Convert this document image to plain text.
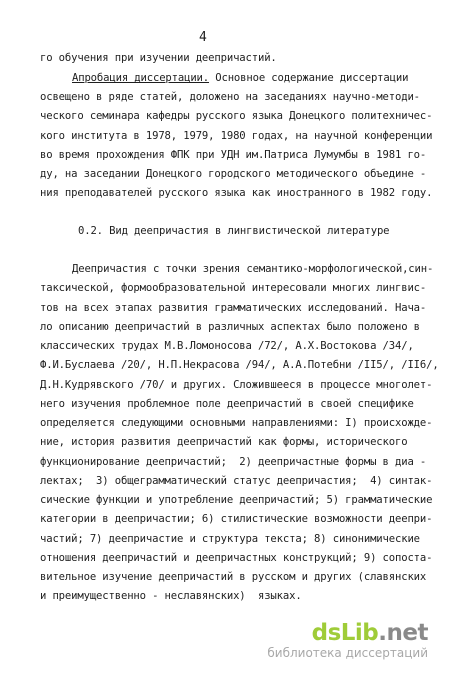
4
го обучения при изучении деепричастий.
Апробация диссертации. Основное содержание диссертации
освещено в ряде статей, доложено на заседаниях научно-методи-
ческого семинара кафедры русского языка Донецкого политехничес-
кого института в 1978, 1979, 1980 годах, на научной конференции
во время прохождения ФПК при УДН им.Патриса Лумумбы в 1981 го-
ду, на заседании Донецкого городского методического объедине -
ния преподавателей русского языка как иностранного в 1982 году.
0.2. Вид деепричастия в лингвистической литературе
Деепричастия с точки зрения семантико-морфологической,син-
таксической, формообразовательной интересовали многих лингвис-
тов на всех этапах развития грамматических исследований. Нача-
ло описанию деепричастий в различных аспектах было положено в
классических трудах М.В.Ломоносова /72/, А.Х.Востокова /34/,
Ф.И.Буслаева /20/, Н.П.Некрасова /94/, А.А.Потебни /II5/, /II6/,
Д.Н.Кудрявского /70/ и других. Сложившееся в процессе многолет-
него изучения проблемное поле деепричастий в своей специфике
определяется следующими основными направлениями: I) происхожде-
ние, история развития деепричастий как формы, исторического
функционирование деепричастий;  2) деепричастные формы в диа -
лектах;  3) общеграмматический статус деепричастия;  4) синтак-
сические функции и употребление деепричастий; 5) грамматические
категории в деепричастии; 6) стилистические возможности деепри-
частий; 7) деепричастие и структура текста; 8) синонимические
отношения деепричастий и деепричастных конструкций; 9) сопоста-
вительное изучение деепричастий в русском и других (славянских
и преимущественно - неславянских)  языках.
dsLib.net
библиотека диссертаций
